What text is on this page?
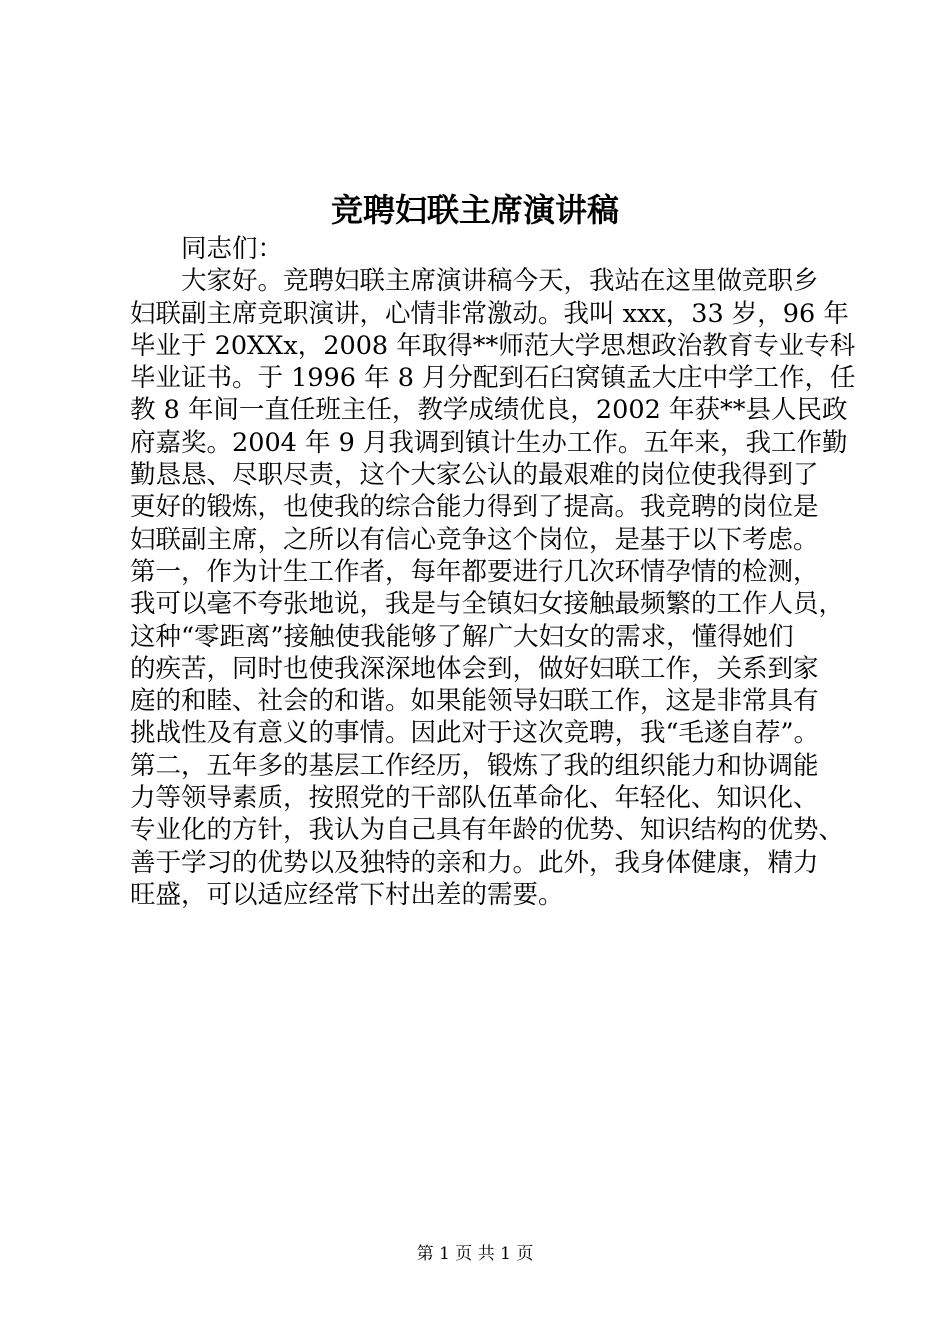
竞聘妇联主席演讲稿
同志们：
大家好。竞聘妇联主席演讲稿今天，我站在这里做竞职乡
妇联副主席竞职演讲，心情非常激动。我叫 xxx，33 岁，96 年
毕业于 20XXx，2008 年取得**师范大学思想政治教育专业专科
毕业证书。于 1996 年 8 月分配到石臼窝镇孟大庄中学工作，任
教 8 年间一直任班主任，教学成绩优良，2002 年获**县人民政
府嘉奖。2004 年 9 月我调到镇计生办工作。五年来，我工作勤
勤恳恳、尽职尽责，这个大家公认的最艰难的岗位使我得到了
更好的锻炼，也使我的综合能力得到了提高。我竞聘的岗位是
妇联副主席，之所以有信心竞争这个岗位，是基于以下考虑。
第一，作为计生工作者，每年都要进行几次环情孕情的检测，
我可以毫不夸张地说，我是与全镇妇女接触最频繁的工作人员，
这种“零距离”接触使我能够了解广大妇女的需求，懂得她们
的疾苦，同时也使我深深地体会到，做好妇联工作，关系到家
庭的和睦、社会的和谐。如果能领导妇联工作，这是非常具有
挑战性及有意义的事情。因此对于这次竞聘，我“毛遂自荐”。
第二，五年多的基层工作经历，锻炼了我的组织能力和协调能
力等领导素质，按照党的干部队伍革命化、年轻化、知识化、
专业化的方针，我认为自己具有年龄的优势、知识结构的优势、
善于学习的优势以及独特的亲和力。此外，我身体健康，精力
旺盛，可以适应经常下村出差的需要。
第 1 页 共 1 页
